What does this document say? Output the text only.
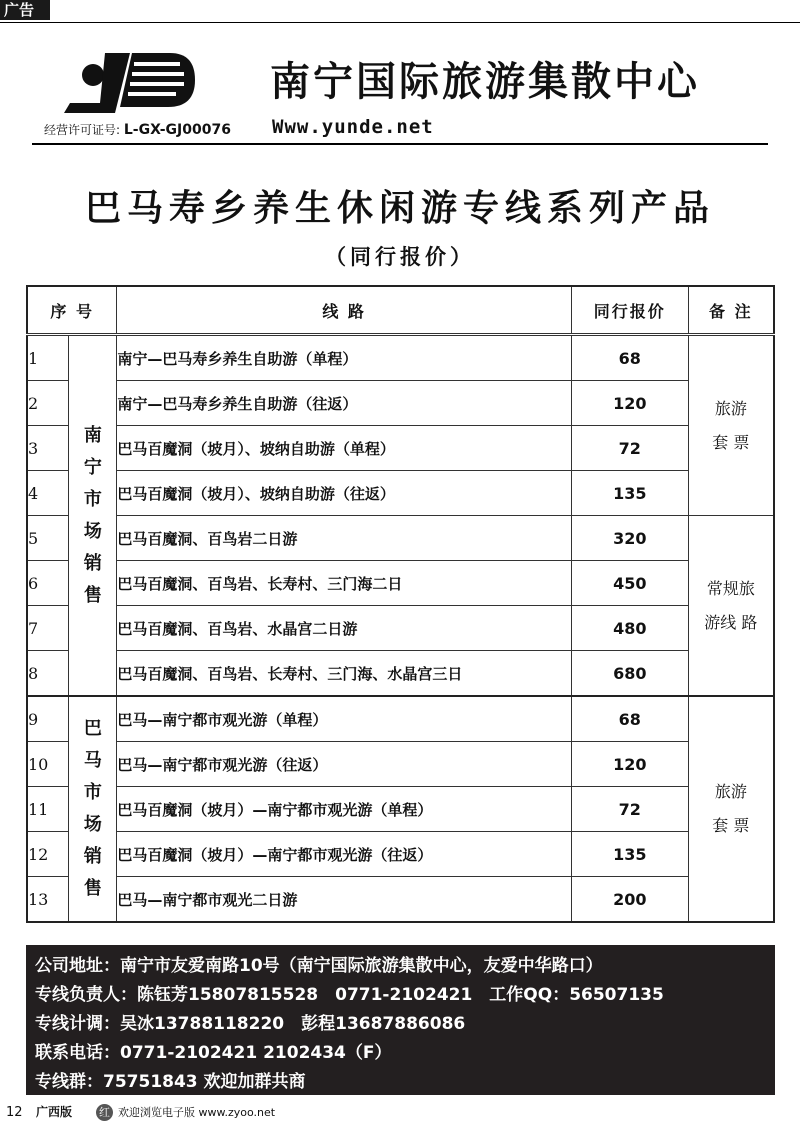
广告
经营许可证号: L-GX-GJ00076
南宁国际旅游集散中心
Www.yunde.net
巴马寿乡养生休闲游专线系列产品
（同行报价）
序 号		线 路	同行报价	备 注
1	南宁市场销售	南宁—巴马寿乡养生自助游（单程）	68	旅游
套 票
2		南宁—巴马寿乡养生自助游（往返）	120	
3		巴马百魔洞（坡月）、坡纳自助游（单程）	72	
4		巴马百魔洞（坡月）、坡纳自助游（往返）	135	
5		巴马百魔洞、百鸟岩二日游	320	常规旅
游线 路
6		巴马百魔洞、百鸟岩、长寿村、三门海二日	450	
7		巴马百魔洞、百鸟岩、水晶宫二日游	480	
8		巴马百魔洞、百鸟岩、长寿村、三门海、水晶宫三日	680	
9	巴马市场销售	巴马—南宁都市观光游（单程）	68	旅游
套 票
10		巴马—南宁都市观光游（往返）	120	
11		巴马百魔洞（坡月）—南宁都市观光游（单程）	72	
12		巴马百魔洞（坡月）—南宁都市观光游（往返）	135	
13		巴马—南宁都市观光二日游	200	
公司地址：南宁市友爱南路10号（南宁国际旅游集散中心，友爱中华路口）
专线负责人：陈钰芳15807815528　0771-2102421　工作QQ：56507135
专线计调：吴冰13788118220　彭程13687886086
联系电话：0771-2102421 2102434（F）
专线群：75751843 欢迎加群共商
12 广西版 红 欢迎浏览电子版 www.zyoo.net
